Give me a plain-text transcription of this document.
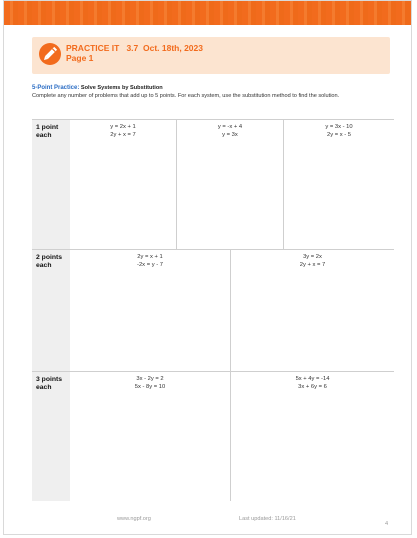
PRACTICE IT   3.7  Oct. 18th, 2023
Page 1
5-Point Practice: Solve Systems by Substitution
Complete any number of problems that add up to 5 points. For each system, use the substitution method to find the solution.
1 point
each
y = 2x + 1
2y + x = 7
y = -x + 4
y = 3x
y = 3x - 10
2y = x - 5
2 points
each
2y = x + 1
-2x = y - 7
3y = 2x
2y + x = 7
3 points
each
3x - 2y = 2
5x - 8y = 10
5x + 4y = -14
3x + 6y = 6
www.ngpf.org	Last updated: 11/16/21
4
